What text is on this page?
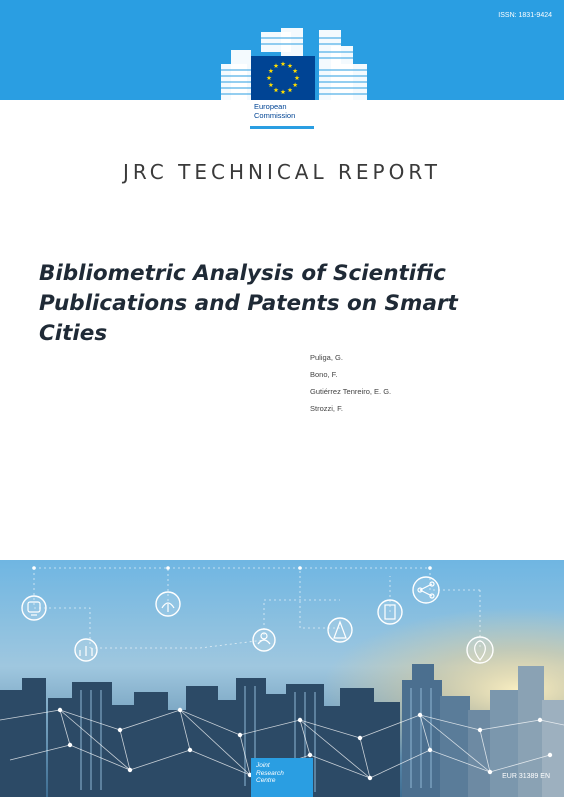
ISSN: 1831-9424
European
Commission
JRC TECHNICAL REPORT
Bibliometric Analysis of Scientific Publications and Patents on Smart Cities
Puliga, G.
Bono, F.
Gutiérrez Tenreiro, E. G.
Strozzi, F.
Joint
Research
Centre
EUR 31389 EN
